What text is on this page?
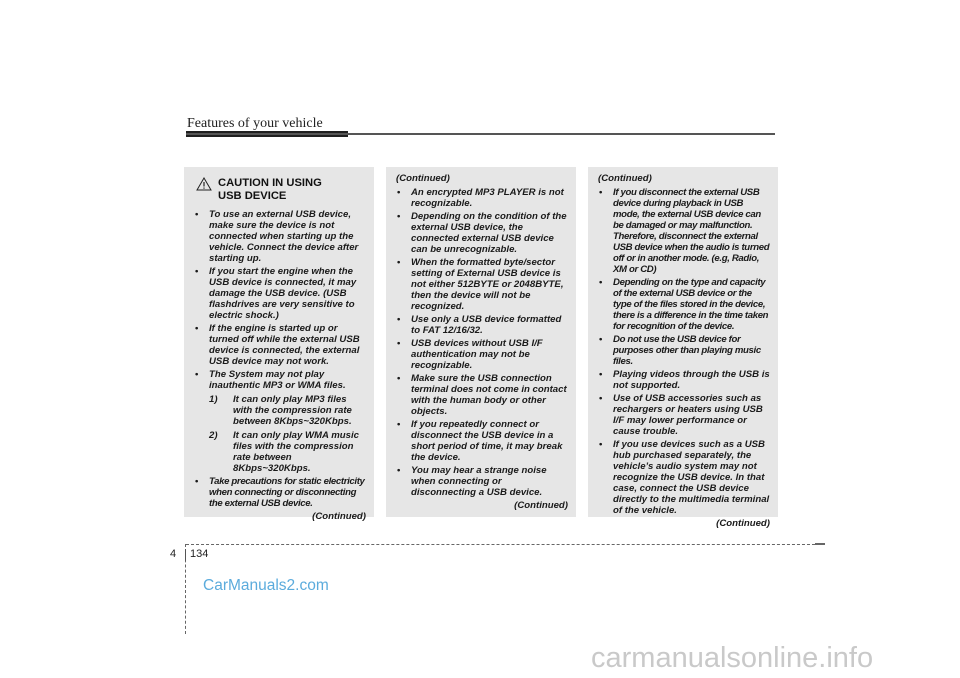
Features of your vehicle
CAUTION IN USING
USB DEVICE
• To use an external USB device, make sure the device is not connected when starting up the vehicle. Connect the device after starting up.
• If you start the engine when the USB device is connected, it may damage the USB device. (USB flashdrives are very sensitive to electric shock.)
• If the engine is started up or turned off while the external USB device is connected, the external USB device may not work.
• The System may not play inauthentic MP3 or WMA files.
1) It can only play MP3 files with the compression rate between 8Kbps~320Kbps.
2) It can only play WMA music files with the compression rate between 8Kbps~320Kbps.
• Take precautions for static electricity when connecting or disconnecting the external USB device.
(Continued)
(Continued)
• An encrypted MP3 PLAYER is not recognizable.
• Depending on the condition of the external USB device, the connected external USB device can be unrecognizable.
• When the formatted byte/sector setting of External USB device is not either 512BYTE or 2048BYTE, then the device will not be recognized.
• Use only a USB device formatted to FAT 12/16/32.
• USB devices without USB I/F authentication may not be recognizable.
• Make sure the USB connection terminal does not come in contact with the human body or other objects.
• If you repeatedly connect or disconnect the USB device in a short period of time, it may break the device.
• You may hear a strange noise when connecting or disconnecting a USB device.
(Continued)
(Continued)
• If you disconnect the external USB device during playback in USB mode, the external USB device can be damaged or may malfunction. Therefore, disconnect the external USB device when the audio is turned off or in another mode. (e.g, Radio, XM or CD)
• Depending on the type and capacity of the external USB device or the type of the files stored in the device, there is a difference in the time taken for recognition of the device.
• Do not use the USB device for purposes other than playing music files.
• Playing videos through the USB is not supported.
• Use of USB accessories such as rechargers or heaters using USB I/F may lower performance or cause trouble.
• If you use devices such as a USB hub purchased separately, the vehicle’s audio system may not recognize the USB device. In that case, connect the USB device directly to the multimedia terminal of the vehicle.
(Continued)
4 134
CarManuals2.com
carmanualsonline.info
